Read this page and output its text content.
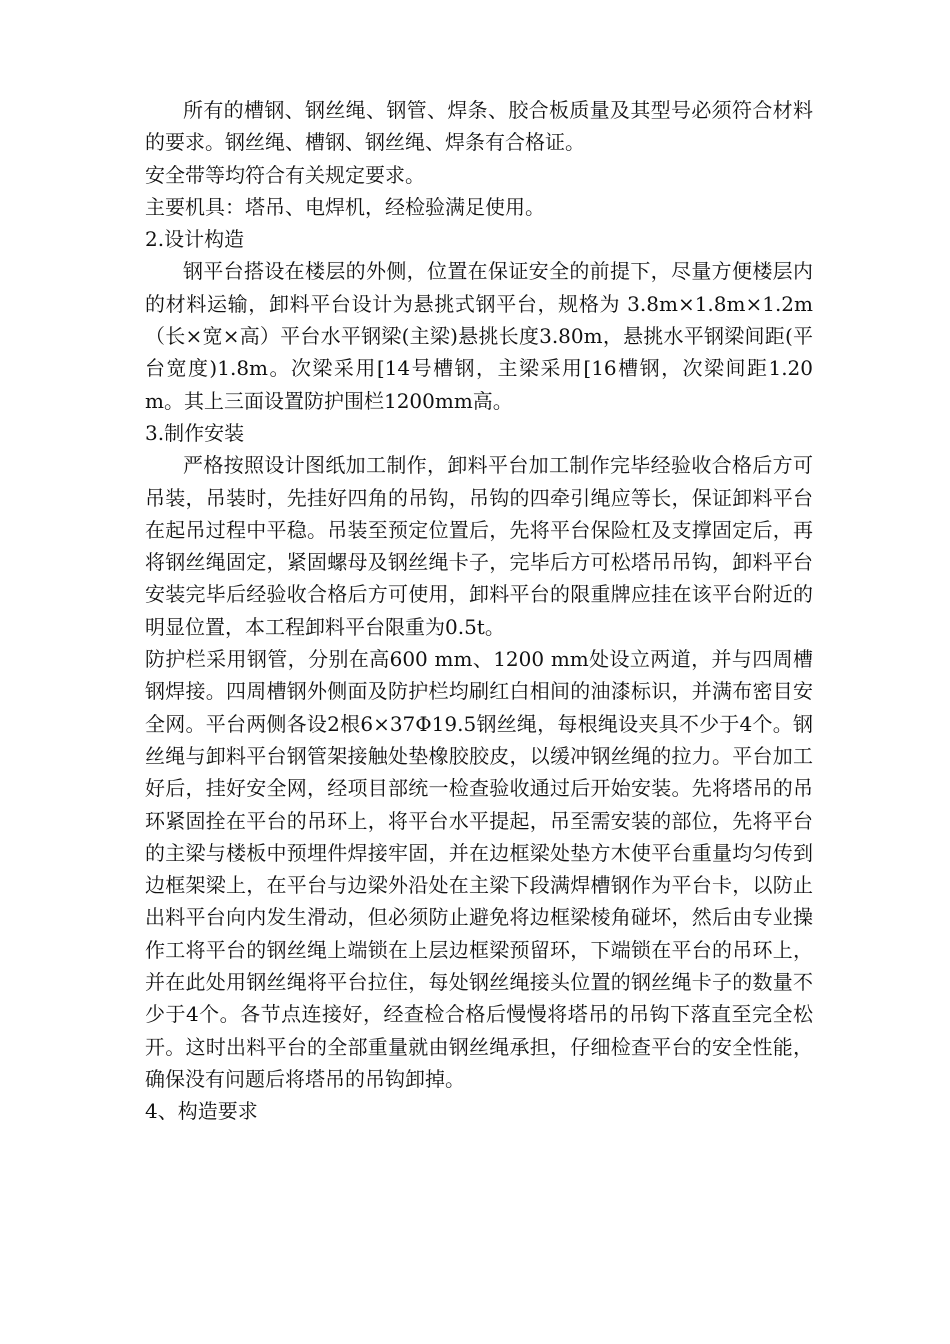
所有的槽钢、钢丝绳、钢管、焊条、胶合板质量及其型号必须符合材料的要求。钢丝绳、槽钢、钢丝绳、焊条有合格证。

安全带等均符合有关规定要求。

主要机具：塔吊、电焊机，经检验满足使用。

2.设计构造

钢平台搭设在楼层的外侧，位置在保证安全的前提下，尽量方便楼层内的材料运输，卸料平台设计为悬挑式钢平台，规格为 3.8m×1.8m×1.2m（长×宽×高）平台水平钢梁(主梁)悬挑长度3.80m，悬挑水平钢梁间距(平台宽度)1.8m。次梁采用[14号槽钢，主梁采用[16槽钢，次梁间距1.20m。其上三面设置防护围栏1200mm高。

3.制作安装

严格按照设计图纸加工制作，卸料平台加工制作完毕经验收合格后方可吊装，吊装时，先挂好四角的吊钩，吊钩的四牵引绳应等长，保证卸料平台在起吊过程中平稳。吊装至预定位置后，先将平台保险杠及支撑固定后，再将钢丝绳固定，紧固螺母及钢丝绳卡子，完毕后方可松塔吊吊钩，卸料平台安装完毕后经验收合格后方可使用，卸料平台的限重牌应挂在该平台附近的明显位置，本工程卸料平台限重为0.5t。

防护栏采用钢管，分别在高600 mm、1200 mm处设立两道，并与四周槽钢焊接。四周槽钢外侧面及防护栏均刷红白相间的油漆标识，并满布密目安全网。平台两侧各设2根6×37Φ19.5钢丝绳，每根绳设夹具不少于4个。钢丝绳与卸料平台钢管架接触处垫橡胶胶皮，以缓冲钢丝绳的拉力。平台加工好后，挂好安全网，经项目部统一检查验收通过后开始安装。先将塔吊的吊环紧固拴在平台的吊环上，将平台水平提起，吊至需安装的部位，先将平台的主梁与楼板中预埋件焊接牢固，并在边框梁处垫方木使平台重量均匀传到边框架梁上，在平台与边梁外沿处在主梁下段满焊槽钢作为平台卡，以防止出料平台向内发生滑动，但必须防止避免将边框梁棱角碰坏，然后由专业操作工将平台的钢丝绳上端锁在上层边框梁预留环，下端锁在平台的吊环上，并在此处用钢丝绳将平台拉住，每处钢丝绳接头位置的钢丝绳卡子的数量不少于4个。各节点连接好，经查检合格后慢慢将塔吊的吊钩下落直至完全松开。这时出料平台的全部重量就由钢丝绳承担，仔细检查平台的安全性能，确保没有问题后将塔吊的吊钩卸掉。

4、构造要求
